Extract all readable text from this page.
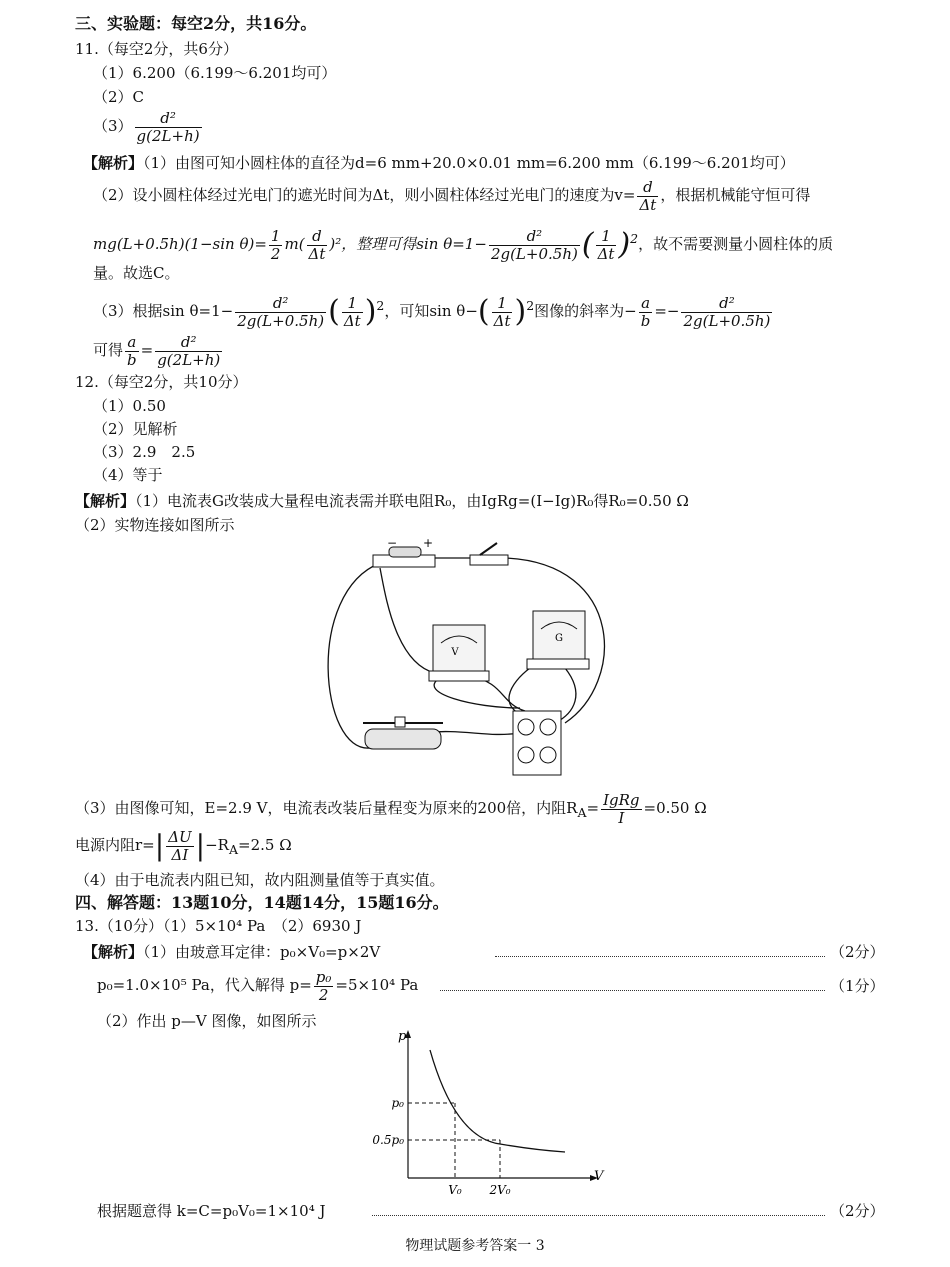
三、实验题：每空2分，共16分。
11.（每空2分，共6分）
（1）6.200（6.199～6.201均可）
（2）C
$(3) \frac{\text{d²}}{g(2L+h)}$
【解析】（1）由图可知小圆柱体的直径为d=6 mm+20.0×0.01 mm=6.200 mm（6.199～6.201均可）
（2）设小圆柱体经过光电门的遮光时间为Δt，则小圆柱体经过光电门的速度为$v= \frac{d}{\Delta t}$ ，根据机械能守恒可得
mg(L+0.5h)(1−sin $\theta)= \frac{1}{2} m( \frac{d}{\Delta t} )^2$，整理可得$\sin \theta=1- \frac{\text{d²}}{2g(L+0.5h)}$ ( $\frac{1}{\Delta t} )^2$，故不需要测量小圆柱体的质
量。故选C。
（3）根据$\sin \theta=1- \frac{\text{d²}}{2g(L+0.5h)}$ ( $\frac{1}{\Delta t} )^2$，可知$\sin \theta-( \frac{1}{\Delta t} )^2$图像的斜率为− $\frac{a}{b} =- \frac{\text{d²}}{2g(L+0.5h)}$
可得 $\frac{a}{b} = \frac{\text{d²}}{g(2L+h)}$
12.（每空2分，共10分）
（1）0.50
（2）见解析
（3）2.9　2.5
（4）等于
【解析】（1）电流表G改装成大量程电流表需并联电阻R₀，由IgRg=(I−Ig)R₀得R₀=0.50 Ω
（2）实物连接如图所示
− +
V
G
（3）由图像可知，E=2.9 V，电流表改装后量程变为原来的200倍，内阻$R_A= \frac{\text{IgRg}}{I} =0.50$ Ω
电源内阻$r=| \frac{\Delta U}{\Delta I} |-R_A=2.5$ Ω
（4）由于电流表内阻已知，故内阻测量值等于真实值。
四、解答题：13题10分，14题14分，15题16分。
13.（10分）（1）5×10⁴ Pa　（2）6930 J
【解析】（1）由玻意耳定律：p₀×V₀=p×2V	（2分）
p₀=1.0×10⁵ Pa，代入解得 $p= \frac{\text{p₀}}{2} =5\times 10^4$ Pa	（1分）
（2）作出 p—V 图像，如图所示
p
V
p₀
0.5p₀
V₀ 2V₀
根据题意得 k=C=p₀V₀=1×10⁴ J	（2分）
物理试题参考答案一 3
